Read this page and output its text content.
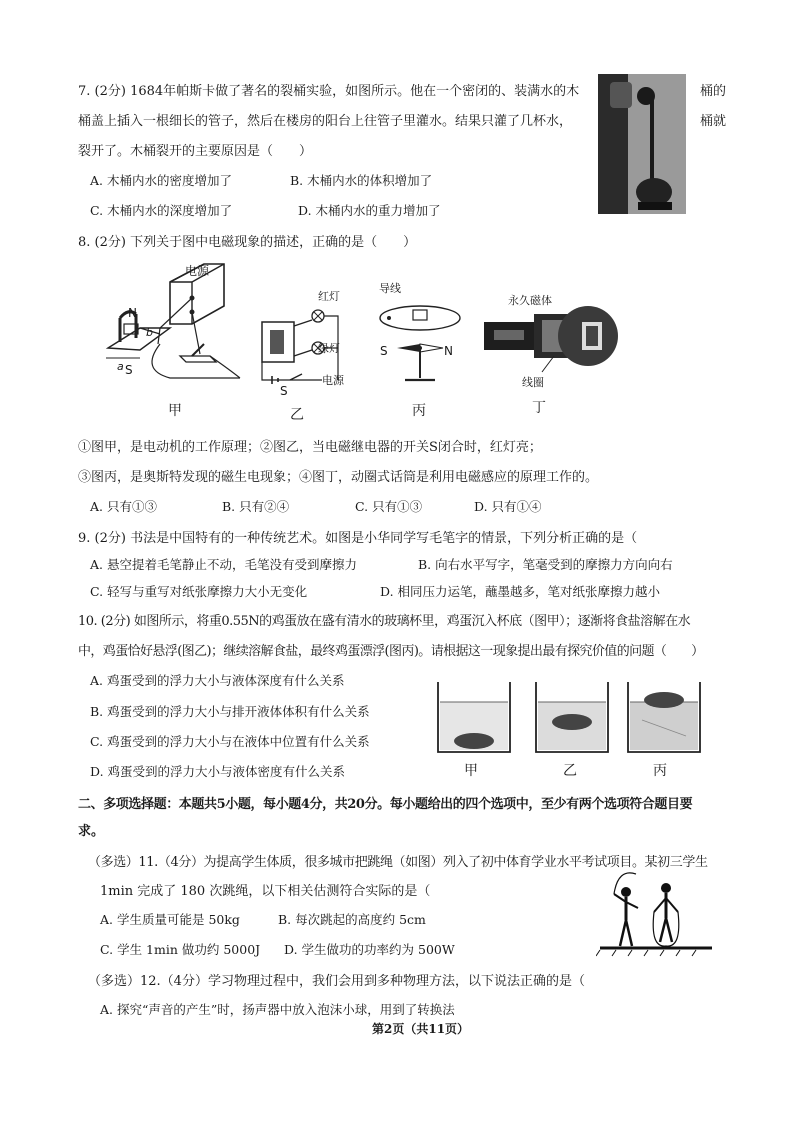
7. (2分) 1684年帕斯卡做了著名的裂桶实验，如图所示。他在一个密闭的、装满水的木
桶盖上插入一根细长的管子，然后在楼房的阳台上往管子里灌水。结果只灌了几杯水，
裂开了。木桶裂开的主要原因是（　　）
A. 木桶内水的密度增加了	B. 木桶内水的体积增加了
C. 木桶内水的深度增加了	D. 木桶内水的重力增加了
桶的
桶就
8. (2分) 下列关于图中电磁现象的描述，正确的是（　　）
电源
N
S
a
b
甲
红灯
绿灯
S
电源
乙
导线
S	N
丙
永久磁体
线圈
丁
①图甲，是电动机的工作原理；②图乙，当电磁继电器的开关S闭合时，红灯亮；
③图丙，是奥斯特发现的磁生电现象；④图丁，动圈式话筒是利用电磁感应的原理工作的。
A. 只有①③	B. 只有②④	C. 只有①③	D. 只有①④
9. (2分) 书法是中国特有的一种传统艺术。如图是小华同学写毛笔字的情景，下列分析正确的是（
A. 悬空提着毛笔静止不动，毛笔没有受到摩擦力	B. 向右水平写字，笔毫受到的摩擦力方向向右
C. 轻写与重写对纸张摩擦力大小无变化	D. 相同压力运笔，蘸墨越多，笔对纸张摩擦力越小
10. (2分) 如图所示，将重0.55N的鸡蛋放在盛有清水的玻璃杯里，鸡蛋沉入杯底（图甲）；逐渐将食盐溶解在水
中，鸡蛋恰好悬浮(图乙)；继续溶解食盐，最终鸡蛋漂浮(图丙)。请根据这一现象提出最有探究价值的问题（　　）
A. 鸡蛋受到的浮力大小与液体深度有什么关系
B. 鸡蛋受到的浮力大小与排开液体体积有什么关系
C. 鸡蛋受到的浮力大小与在液体中位置有什么关系
D. 鸡蛋受到的浮力大小与液体密度有什么关系	甲	乙	丙
二、多项选择题：本题共5小题，每小题4分，共20分。每小题给出的四个选项中，至少有两个选项符合题目要
求。
（多选）11.（4分）为提高学生体质，很多城市把跳绳（如图）列入了初中体育学业水平考试项目。某初三学生
1min 完成了 180 次跳绳，以下相关估测符合实际的是（
A. 学生质量可能是 50kg	B. 每次跳起的高度约 5cm
C. 学生 1min 做功约 5000J D. 学生做功的功率约为 500W
（多选）12.（4分）学习物理过程中，我们会用到多种物理方法，以下说法正确的是（
A. 探究“声音的产生”时，扬声器中放入泡沫小球，用到了转换法
第2页（共11页）
